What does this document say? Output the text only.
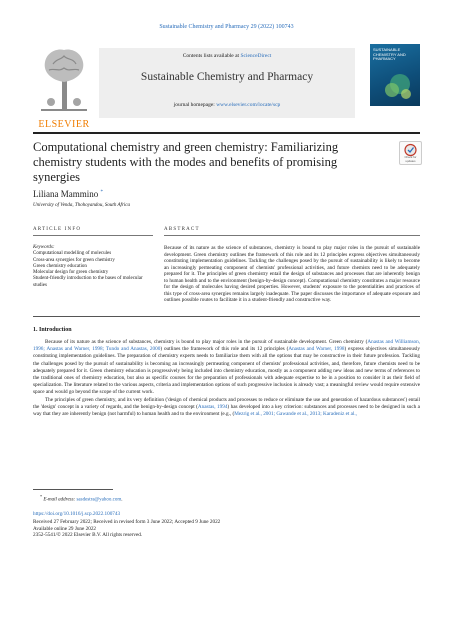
Sustainable Chemistry and Pharmacy 29 (2022) 100743
ELSEVIER
Contents lists available at ScienceDirect
Sustainable Chemistry and Pharmacy
journal homepage: www.elsevier.com/locate/scp
SUSTAINABLE CHEMISTRY AND PHARMACY
Computational chemistry and green chemistry: Familiarizing chemistry students with the modes and benefits of promising synergies
Check for updates
Liliana Mammino *
University of Venda, Thohoyandou, South Africa
ARTICLE INFO	ABSTRACT
Keywords:
Computational modelling of molecules
Cross-area synergies for green chemistry
Green chemistry education
Molecular design for green chemistry
Student-friendly introduction to the bases of molecular studies
Because of its nature as the science of substances, chemistry is bound to play major roles in the pursuit of sustainable development. Green chemistry outlines the framework of this role and its 12 principles express objectives simultaneously constituting implementation guidelines. Tackling the challenges posed by the pursuit of sustainability is likely to become an increasingly permeating component of chemists' professional activities, and future chemists need to be adequately prepared for it. The principles of green chemistry entail the design of substances and processes that are inherently benign to human health and to the environment (benign-by-design concept). Computational chemistry constitutes a major resource for the design of molecules having desired properties. However, students' exposure to the potentialities and practices of this type of cross-area synergies remains largely inadequate. The paper discusses the importance of adequate exposure and outlines possible routes to facilitate it in a student-friendly and constructive way.
1. Introduction

Because of its nature as the science of substances, chemistry is bound to play major roles in the pursuit of sustainable development. Green chemistry (Anastas and Williamson, 1996; Anastas and Warner, 1998; Tundo and Anastas, 2000) outlines the framework of this role and its 12 principles (Anastas and Warner, 1998) express objectives simultaneously constituting implementation guidelines. The preparation of chemistry experts needs to familiarize them with all the options that may be constructive in their future profession. Tackling the challenges posed by the pursuit of sustainability is becoming an increasingly permeating component of chemists' professional activities, and, therefore, future chemists need to be adequately prepared for it. Green chemistry education is progressively being included into chemistry education, mostly as a component adding new ideas and new terms of references to the traditional ones of chemistry education, but also as specific courses for the preparation of professionals with adequate expertise to be in a position to consider it as their field of specialization. The literature related to the various aspects, criteria and implementation options of such progressive inclusion is already vast; a meaningful review would require extensive space and would go beyond the scope of the current work.

The principles of green chemistry, and its very definition ('design of chemical products and processes to reduce or eliminate the use and generation of hazardous substances') entail the 'design' concept in a variety of regards, and the benign-by-design concept (Anastas, 1994) has developed into a key criterion: substances and processes need to be designed in such a way that they are inherently benign (not harmful) to human health and to the environment (e.g., (Mezrig et al., 2001; Gawande et al., 2013; Karadeniz et al.,

* E-mail address: sasdestra@yahoo.com.
https://doi.org/10.1016/j.scp.2022.100743
Received 27 February 2022; Received in revised form 3 June 2022; Accepted 9 June 2022
Available online 29 June 2022
2352-5541/© 2022 Elsevier B.V. All rights reserved.
